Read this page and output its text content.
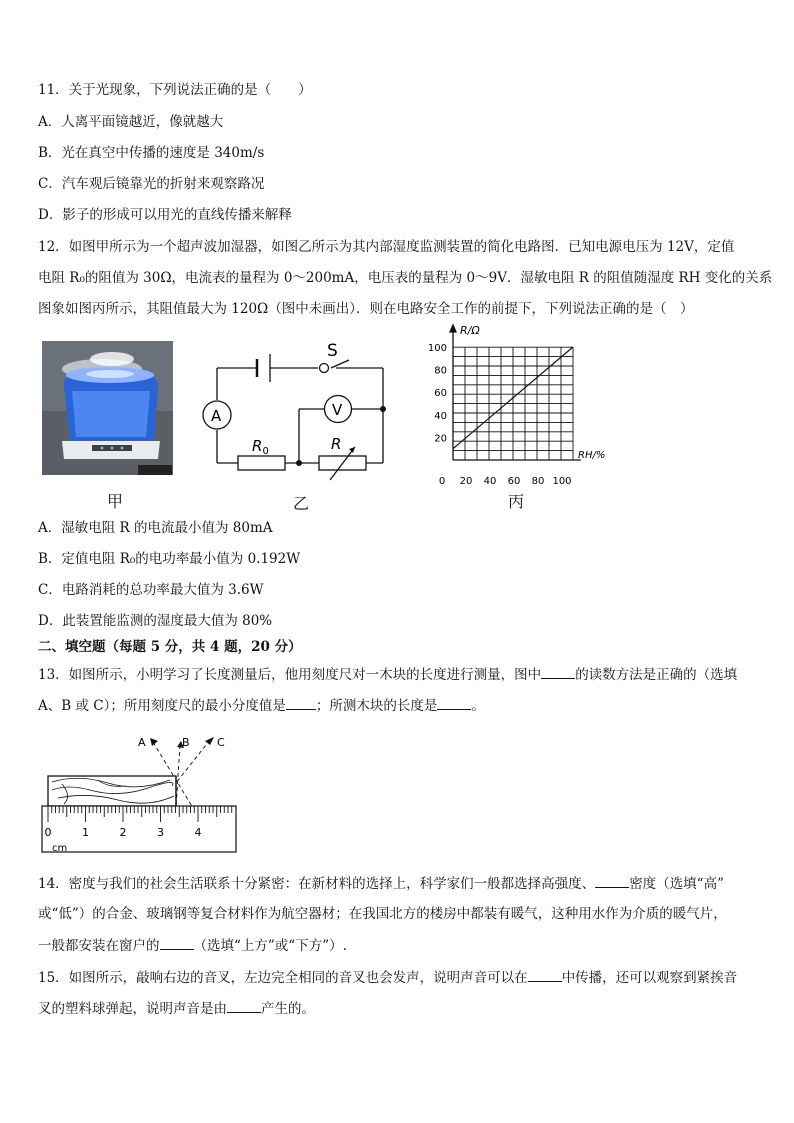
11．关于光现象，下列说法正确的是（　　）
A．人离平面镜越近，像就越大
B．光在真空中传播的速度是 340m/s
C．汽车观后镜靠光的折射来观察路况
D．影子的形成可以用光的直线传播来解释
12．如图甲所示为一个超声波加湿器，如图乙所示为其内部湿度监测装置的简化电路图．已知电源电压为 12V，定值
电阻 R₀的阻值为 30Ω，电流表的量程为 0～200mA，电压表的量程为 0～9V．湿敏电阻 R 的阻值随湿度 RH 变化的关系
图象如图丙所示，其阻值最大为 120Ω（图中未画出）．则在电路安全工作的前提下，下列说法正确的是（　）
甲
S
A	V
$R_0$	R
乙
100
80
60
40
20
0 20 40 60 80 100
R/Ω
RH/%
丙
A．湿敏电阻 R 的电流最小值为 80mA
B．定值电阻 R₀的电功率最小值为 0.192W
C．电路消耗的总功率最大值为 3.6W
D．此装置能监测的湿度最大值为 80%
二、填空题（每题 5 分，共 4 题，20 分）
13．如图所示，小明学习了长度测量后，他用刻度尺对一木块的长度进行测量，图中	的读数方法是正确的（选填
A、B 或 C）；所用刻度尺的最小分度值是 ；所测木块的长度是	。
A	B C
0	1	2	3	4
cm
14．密度与我们的社会生活联系十分紧密：在新材料的选择上，科学家们一般都选择高强度、	密度（选填“高”
或“低”）的合金、玻璃钢等复合材料作为航空器材；在我国北方的楼房中都装有暖气，这种用水作为介质的暖气片，
一般都安装在窗户的	（选填“上方”或“下方”）.
15．如图所示，敲响右边的音叉，左边完全相同的音叉也会发声，说明声音可以在	中传播，还可以观察到紧挨音
叉的塑料球弹起，说明声音是由	产生的。
